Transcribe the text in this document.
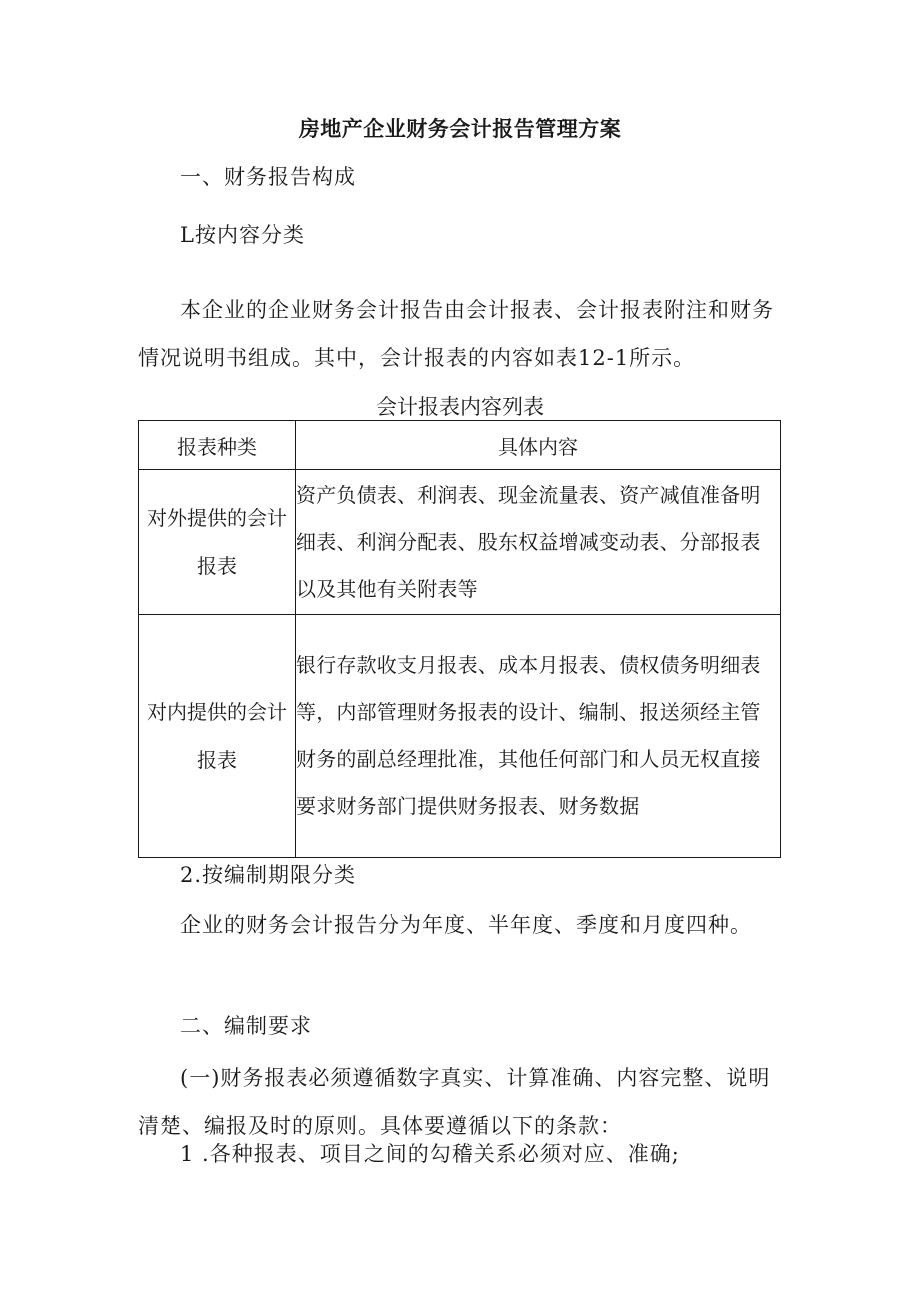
房地产企业财务会计报告管理方案

一、财务报告构成

L按内容分类

本企业的企业财务会计报告由会计报表、会计报表附注和财务情况说明书组成。其中，会计报表的内容如表12-1所示。

会计报表内容列表

报表种类	具体内容
对外提供的会计报表	资产负债表、利润表、现金流量表、资产减值准备明细表、利润分配表、股东权益增减变动表、分部报表以及其他有关附表等
对内提供的会计报表	银行存款收支月报表、成本月报表、债权债务明细表等，内部管理财务报表的设计、编制、报送须经主管财务的副总经理批准，其他任何部门和人员无权直接要求财务部门提供财务报表、财务数据

2.按编制期限分类

企业的财务会计报告分为年度、半年度、季度和月度四种。

二、编制要求

(一)财务报表必须遵循数字真实、计算准确、内容完整、说明清楚、编报及时的原则。具体要遵循以下的条款：

1 .各种报表、项目之间的勾稽关系必须对应、准确;
